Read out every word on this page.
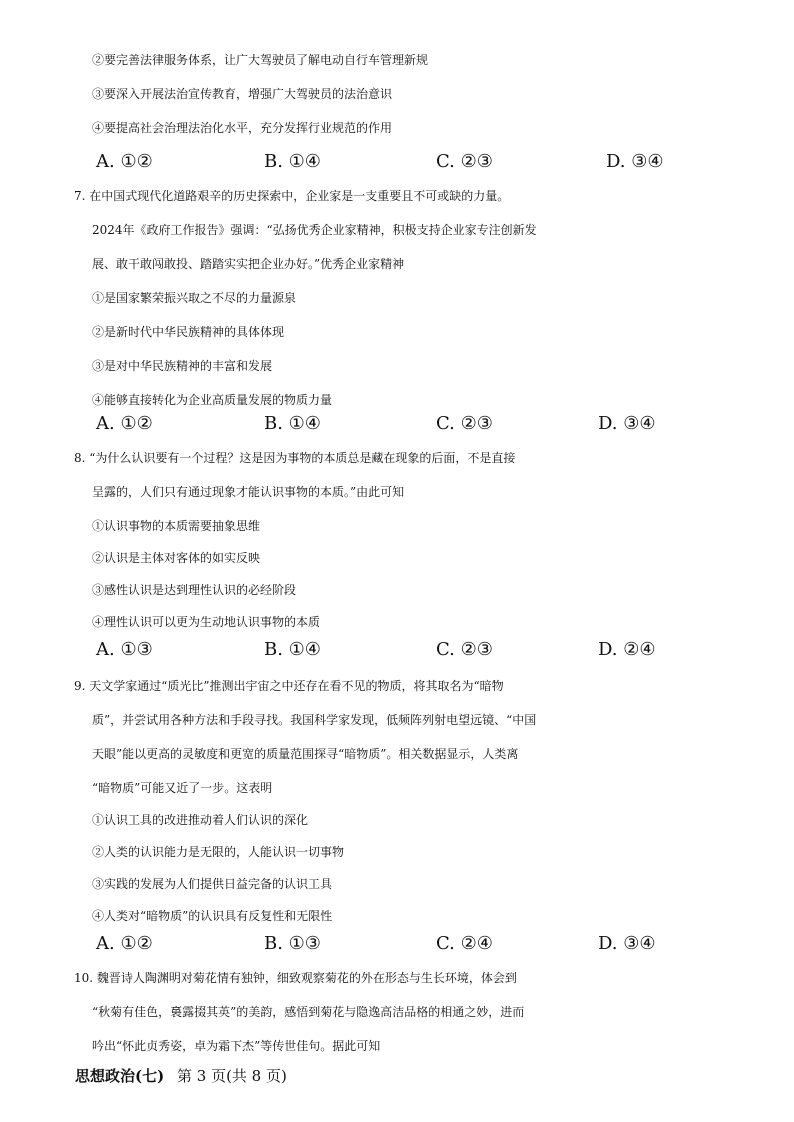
②要完善法律服务体系，让广大驾驶员了解电动自行车管理新规
③要深入开展法治宣传教育，增强广大驾驶员的法治意识
④要提高社会治理法治化水平，充分发挥行业规范的作用
A. ①②	B. ①④	C. ②③	D. ③④
7. 在中国式现代化道路艰辛的历史探索中，企业家是一支重要且不可或缺的力量。
2024年《政府工作报告》强调：“弘扬优秀企业家精神，积极支持企业家专注创新发
展、敢干敢闯敢投、踏踏实实把企业办好。”优秀企业家精神
①是国家繁荣振兴取之不尽的力量源泉
②是新时代中华民族精神的具体体现
③是对中华民族精神的丰富和发展
④能够直接转化为企业高质量发展的物质力量
A. ①②	B. ①④	C. ②③	D. ③④
8. “为什么认识要有一个过程？这是因为事物的本质总是藏在现象的后面，不是直接
呈露的，人们只有通过现象才能认识事物的本质。”由此可知
①认识事物的本质需要抽象思维
②认识是主体对客体的如实反映
③感性认识是达到理性认识的必经阶段
④理性认识可以更为生动地认识事物的本质
A. ①③	B. ①④	C. ②③	D. ②④
9. 天文学家通过“质光比”推测出宇宙之中还存在看不见的物质，将其取名为“暗物
质”，并尝试用各种方法和手段寻找。我国科学家发现，低频阵列射电望远镜、“中国
天眼”能以更高的灵敏度和更宽的质量范围探寻“暗物质”。相关数据显示，人类离
“暗物质”可能又近了一步。这表明
①认识工具的改进推动着人们认识的深化
②人类的认识能力是无限的，人能认识一切事物
③实践的发展为人们提供日益完备的认识工具
④人类对“暗物质”的认识具有反复性和无限性
A. ①②	B. ①③	C. ②④	D. ③④
10. 魏晋诗人陶渊明对菊花情有独钟，细致观察菊花的外在形态与生长环境，体会到
“秋菊有佳色，裛露掇其英”的美韵，感悟到菊花与隐逸高洁品格的相通之妙，进而
吟出“怀此贞秀姿，卓为霜下杰”等传世佳句。据此可知
思想政治(七) 第 3 页(共 8 页)
